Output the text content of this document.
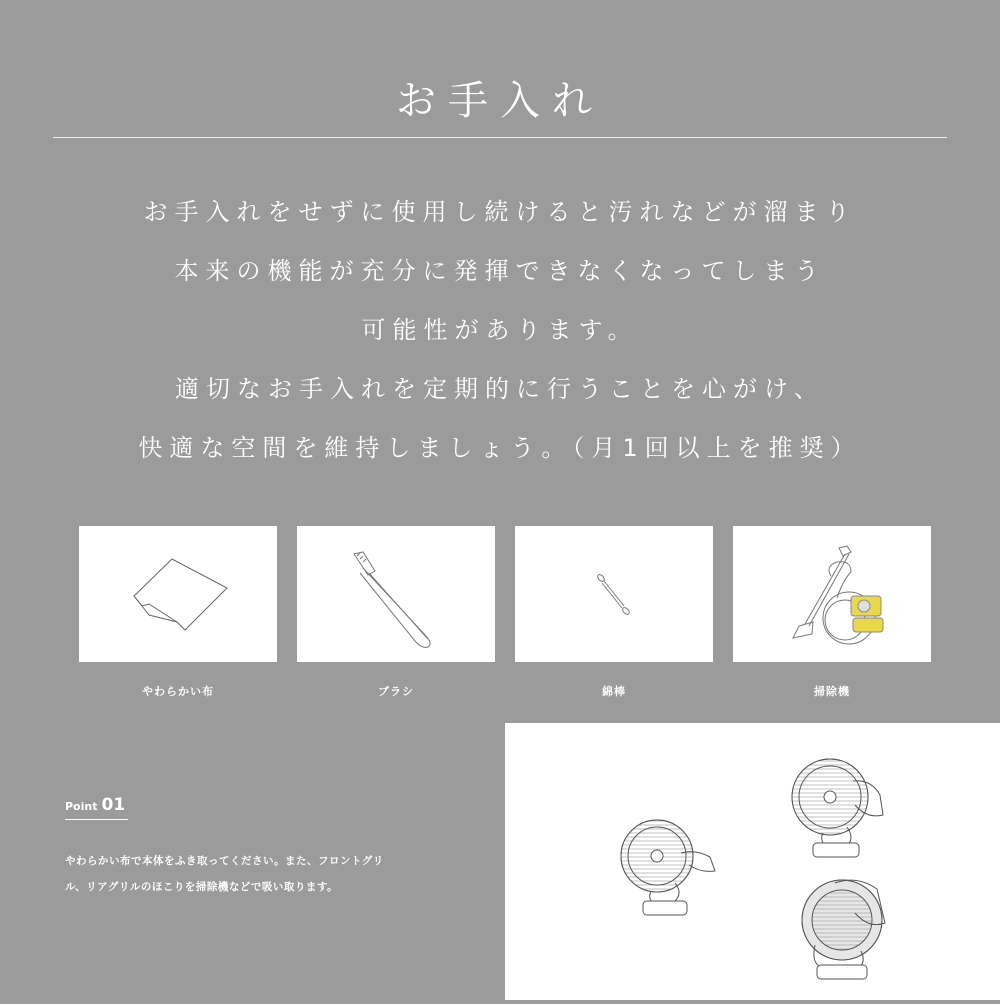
お手入れ
お手入れをせずに使用し続けると汚れなどが溜まり
本来の機能が充分に発揮できなくなってしまう
可能性があります。
適切なお手入れを定期的に行うことを心がけ、
快適な空間を維持しましょう。（月1回以上を推奨）
やわらかい布	ブラシ	綿棒	掃除機
Point 01
やわらかい布で本体をふき取ってください。また、フロントグリ
ル、リアグリルのほこりを掃除機などで吸い取ります。
